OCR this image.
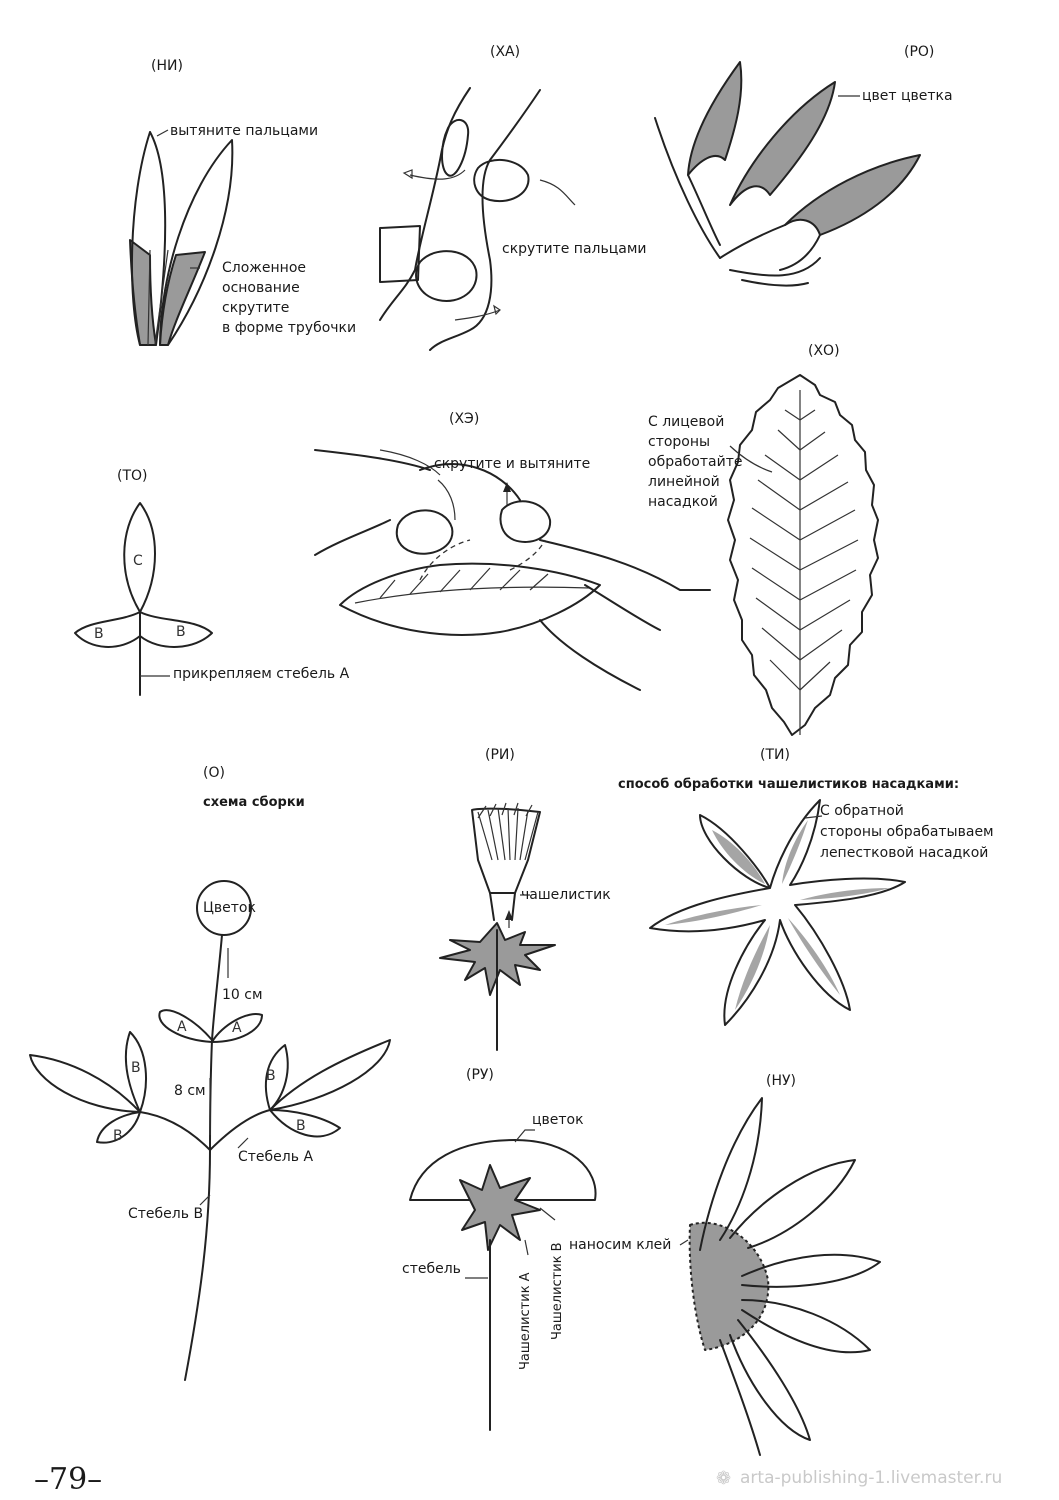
(НИ)
вытяните пальцами
Сложенное
основание
скрутите
в форме трубочки
(ХА)
скрутите пальцами
(РО)
цвет цветка
(ХО)
С лицевой
стороны
обработайте
линейной
насадкой
(ХЭ)
скрутите и вытяните
(ТО)
C
B	B
прикрепляем стебель А
(О)
схема сборки
Цветок
10 см
8 см
A	A
B
B
B
B
Стебель А
Стебель В
(РИ)
чашелистик
(ТИ)
способ обработки чашелистиков насадками:
С обратной
стороны обрабатываем
лепестковой насадкой
(РУ)
цветок
стебель
Чашелистик А Чашелистик В
(НУ)
наносим клей
–79–	❁ arta-publishing-1.livemaster.ru
